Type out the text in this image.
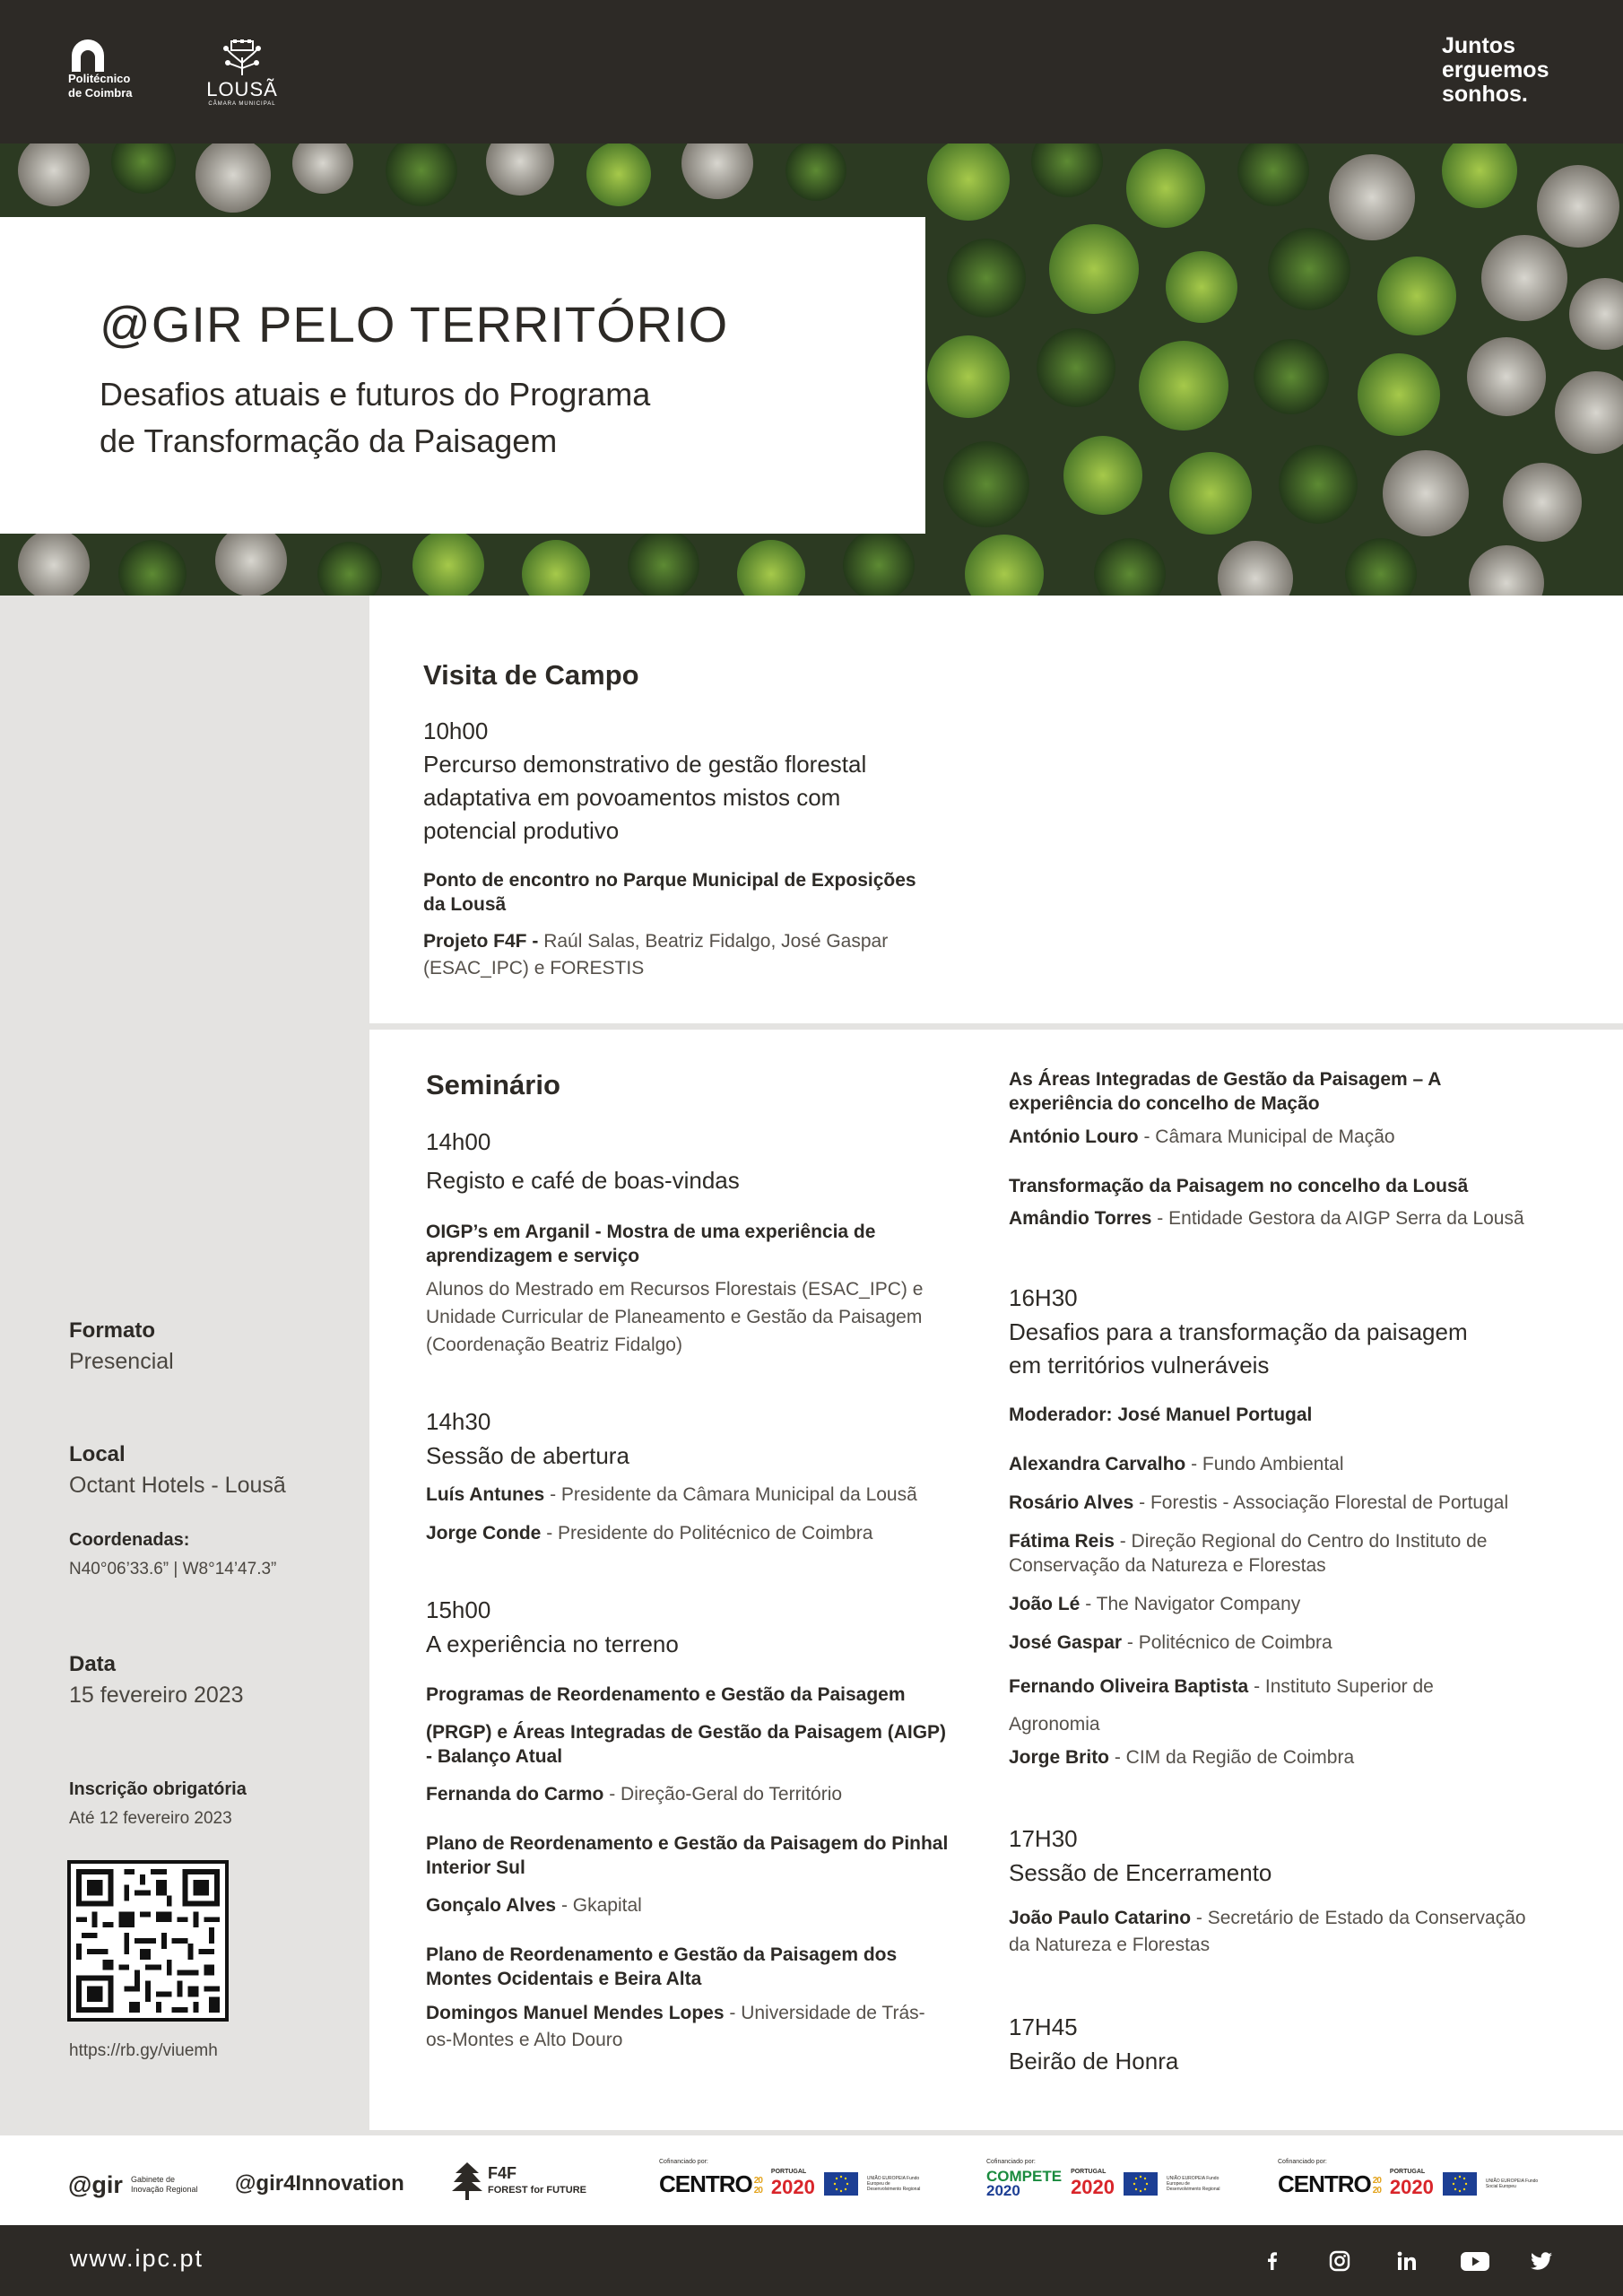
Politécnico
de Coimbra	LOUSÃ
CÂMARA MUNICIPAL
Juntos
erguemos
sonhos.
@GIR PELO TERRITÓRIO
Desafios atuais e futuros do Programa
de Transformação da Paisagem
Formato
Presencial
Local
Octant Hotels - Lousã
Coordenadas:
N40°06’33.6” | W8°14’47.3”
Data
15 fevereiro 2023
Inscrição obrigatória
Até 12 fevereiro 2023
https://rb.gy/viuemh
Visita de Campo
10h00
Percurso demonstrativo de gestão florestal
adaptativa em povoamentos mistos com
potencial produtivo
Ponto de encontro no Parque Municipal de Exposições
da Lousã
Projeto F4F - Raúl Salas, Beatriz Fidalgo, José Gaspar
(ESAC_IPC) e FORESTIS
Seminário
14h00
Registo e café de boas-vindas
OIGP’s em Arganil - Mostra de uma experiência de
aprendizagem e serviço
Alunos do Mestrado em Recursos Florestais (ESAC_IPC) e
Unidade Curricular de Planeamento e Gestão da Paisagem
(Coordenação Beatriz Fidalgo)
14h30
Sessão de abertura
Luís Antunes - Presidente da Câmara Municipal da Lousã
Jorge Conde - Presidente do Politécnico de Coimbra
15h00
A experiência no terreno
Programas de Reordenamento e Gestão da Paisagem
(PRGP) e Áreas Integradas de Gestão da Paisagem (AIGP)
- Balanço Atual
Fernanda do Carmo - Direção-Geral do Território
Plano de Reordenamento e Gestão da Paisagem do Pinhal
Interior Sul
Gonçalo Alves - Gkapital
Plano de Reordenamento e Gestão da Paisagem dos
Montes Ocidentais e Beira Alta
Domingos Manuel Mendes Lopes - Universidade de Trás-
os-Montes e Alto Douro
As Áreas Integradas de Gestão da Paisagem – A
experiência do concelho de Mação
António Louro - Câmara Municipal de Mação
Transformação da Paisagem no concelho da Lousã
Amândio Torres - Entidade Gestora da AIGP Serra da Lousã
16H30
Desafios para a transformação da paisagem
em territórios vulneráveis
Moderador: José Manuel Portugal
Alexandra Carvalho - Fundo Ambiental
Rosário Alves - Forestis - Associação Florestal de Portugal
Fátima Reis - Direção Regional do Centro do Instituto de
Conservação da Natureza e Florestas
João Lé - The Navigator Company
José Gaspar - Politécnico de Coimbra
Fernando Oliveira Baptista - Instituto Superior de
Agronomia
Jorge Brito - CIM da Região de Coimbra
17H30
Sessão de Encerramento
João Paulo Catarino - Secretário de Estado da Conservação
da Natureza e Florestas
17H45
Beirão de Honra
@gir Gabinete de
Inovação Regional @gir4Innovation	F4F
FOREST for FUTURE
Cofinanciado por:
CENTRO 20
20
PORTUGAL
2020	UNIÃO EUROPEIA Fundo Europeu de Desenvolvimento Regional
Cofinanciado por:
COMPETE
2020
PORTUGAL
2020	UNIÃO EUROPEIA Fundo Europeu de Desenvolvimento Regional
Cofinanciado por:
CENTRO 20
20
PORTUGAL
2020	UNIÃO EUROPEIA Fundo Social Europeu
www.ipc.pt
